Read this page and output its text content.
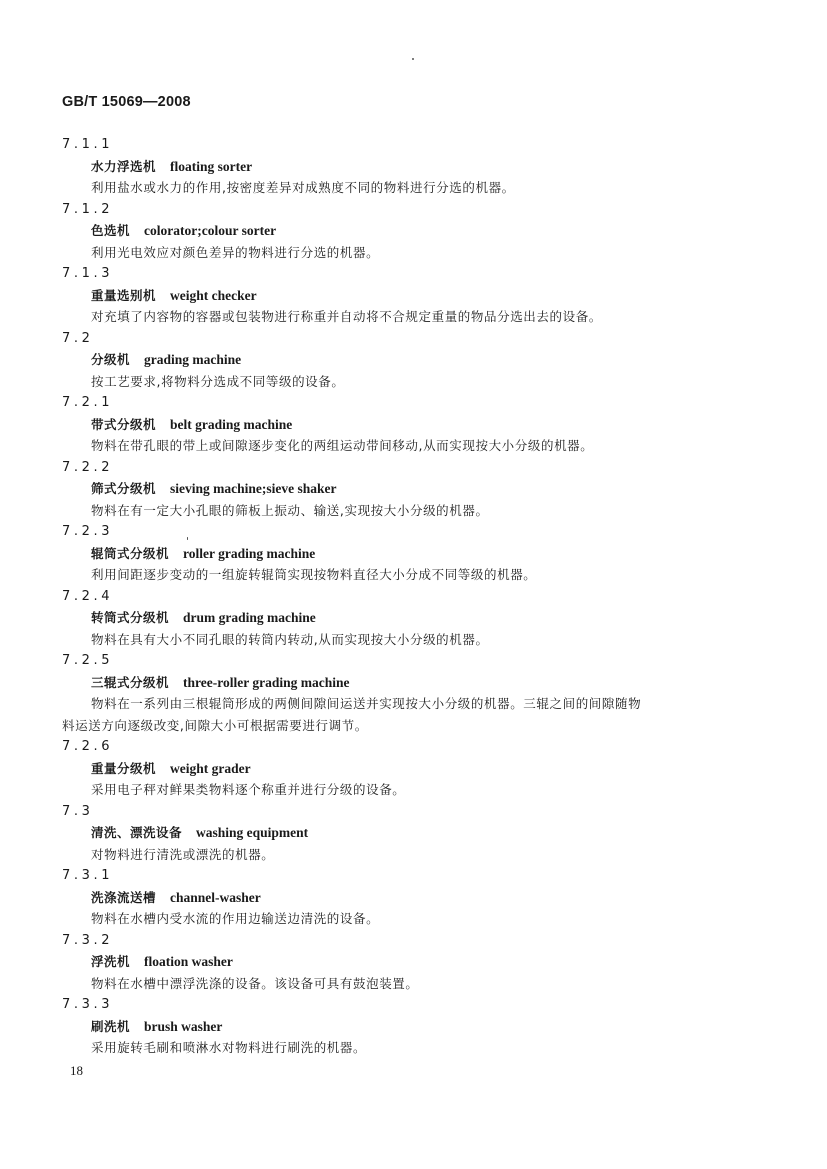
GB/T 15069—2008
7.1.1
水力浮选机 floating sorter
利用盐水或水力的作用,按密度差异对成熟度不同的物料进行分选的机器。
7.1.2
色选机 colorator;colour sorter
利用光电效应对颜色差异的物料进行分选的机器。
7.1.3
重量选别机 weight checker
对充填了内容物的容器或包装物进行称重并自动将不合规定重量的物品分选出去的设备。
7.2
分级机 grading machine
按工艺要求,将物料分选成不同等级的设备。
7.2.1
带式分级机 belt grading machine
物料在带孔眼的带上或间隙逐步变化的两组运动带间移动,从而实现按大小分级的机器。
7.2.2
筛式分级机 sieving machine;sieve shaker
物料在有一定大小孔眼的筛板上振动、输送,实现按大小分级的机器。
7.2.3
辊筒式分级机 roller grading machine
利用间距逐步变动的一组旋转辊筒实现按物料直径大小分成不同等级的机器。
7.2.4
转筒式分级机 drum grading machine
物料在具有大小不同孔眼的转筒内转动,从而实现按大小分级的机器。
7.2.5
三辊式分级机 three-roller grading machine
物料在一系列由三根辊筒形成的两侧间隙间运送并实现按大小分级的机器。三辊之间的间隙随物
料运送方向逐级改变,间隙大小可根据需要进行调节。
7.2.6
重量分级机 weight grader
采用电子秤对鲜果类物料逐个称重并进行分级的设备。
7.3
清洗、漂洗设备 washing equipment
对物料进行清洗或漂洗的机器。
7.3.1
洗涤流送槽 channel-washer
物料在水槽内受水流的作用边输送边清洗的设备。
7.3.2
浮洗机 floation washer
物料在水槽中漂浮洗涤的设备。该设备可具有鼓泡装置。
7.3.3
刷洗机 brush washer
采用旋转毛刷和喷淋水对物料进行刷洗的机器。
18
